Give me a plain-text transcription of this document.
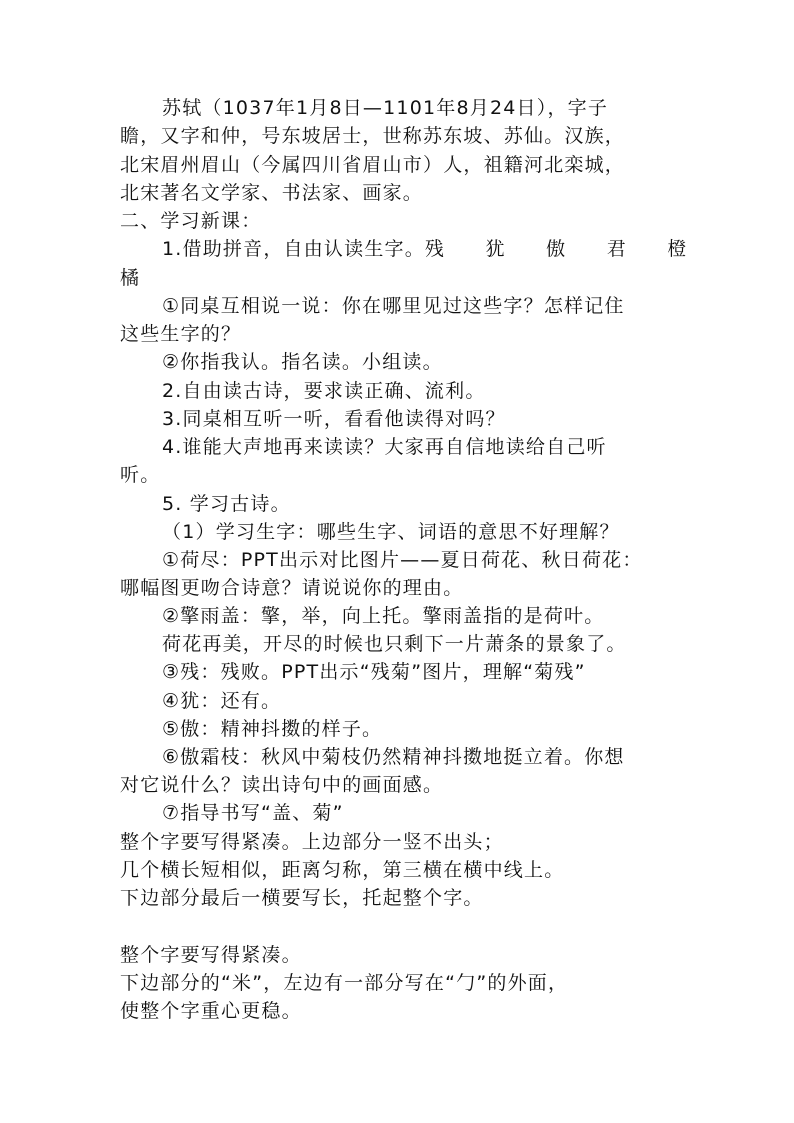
苏轼（1037年1月8日—1101年8月24日），字子
瞻，又字和仲，号东坡居士，世称苏东坡、苏仙。汉族，
北宋眉州眉山（今属四川省眉山市）人，祖籍河北栾城，
北宋著名文学家、书法家、画家。
二、学习新课：
1.借助拼音，自由认读生字。残　　犹　　傲　　君　　橙
橘
①同桌互相说一说：你在哪里见过这些字？怎样记住
这些生字的？
②你指我认。指名读。小组读。
2.自由读古诗，要求读正确、流利。
3.同桌相互听一听，看看他读得对吗？
4.谁能大声地再来读读？大家再自信地读给自己听
听。
5. 学习古诗。
（1）学习生字：哪些生字、词语的意思不好理解？
①荷尽：PPT出示对比图片——夏日荷花、秋日荷花：
哪幅图更吻合诗意？请说说你的理由。
②擎雨盖：擎，举，向上托。擎雨盖指的是荷叶。
荷花再美，开尽的时候也只剩下一片萧条的景象了。
③残：残败。PPT出示“残菊”图片，理解“菊残”
④犹：还有。
⑤傲：精神抖擞的样子。
⑥傲霜枝：秋风中菊枝仍然精神抖擞地挺立着。你想
对它说什么？读出诗句中的画面感。
⑦指导书写“盖、菊”
整个字要写得紧凑。上边部分一竖不出头；
几个横长短相似，距离匀称，第三横在横中线上。
下边部分最后一横要写长，托起整个字。
整个字要写得紧凑。
下边部分的“米”，左边有一部分写在“勹”的外面，
使整个字重心更稳。
